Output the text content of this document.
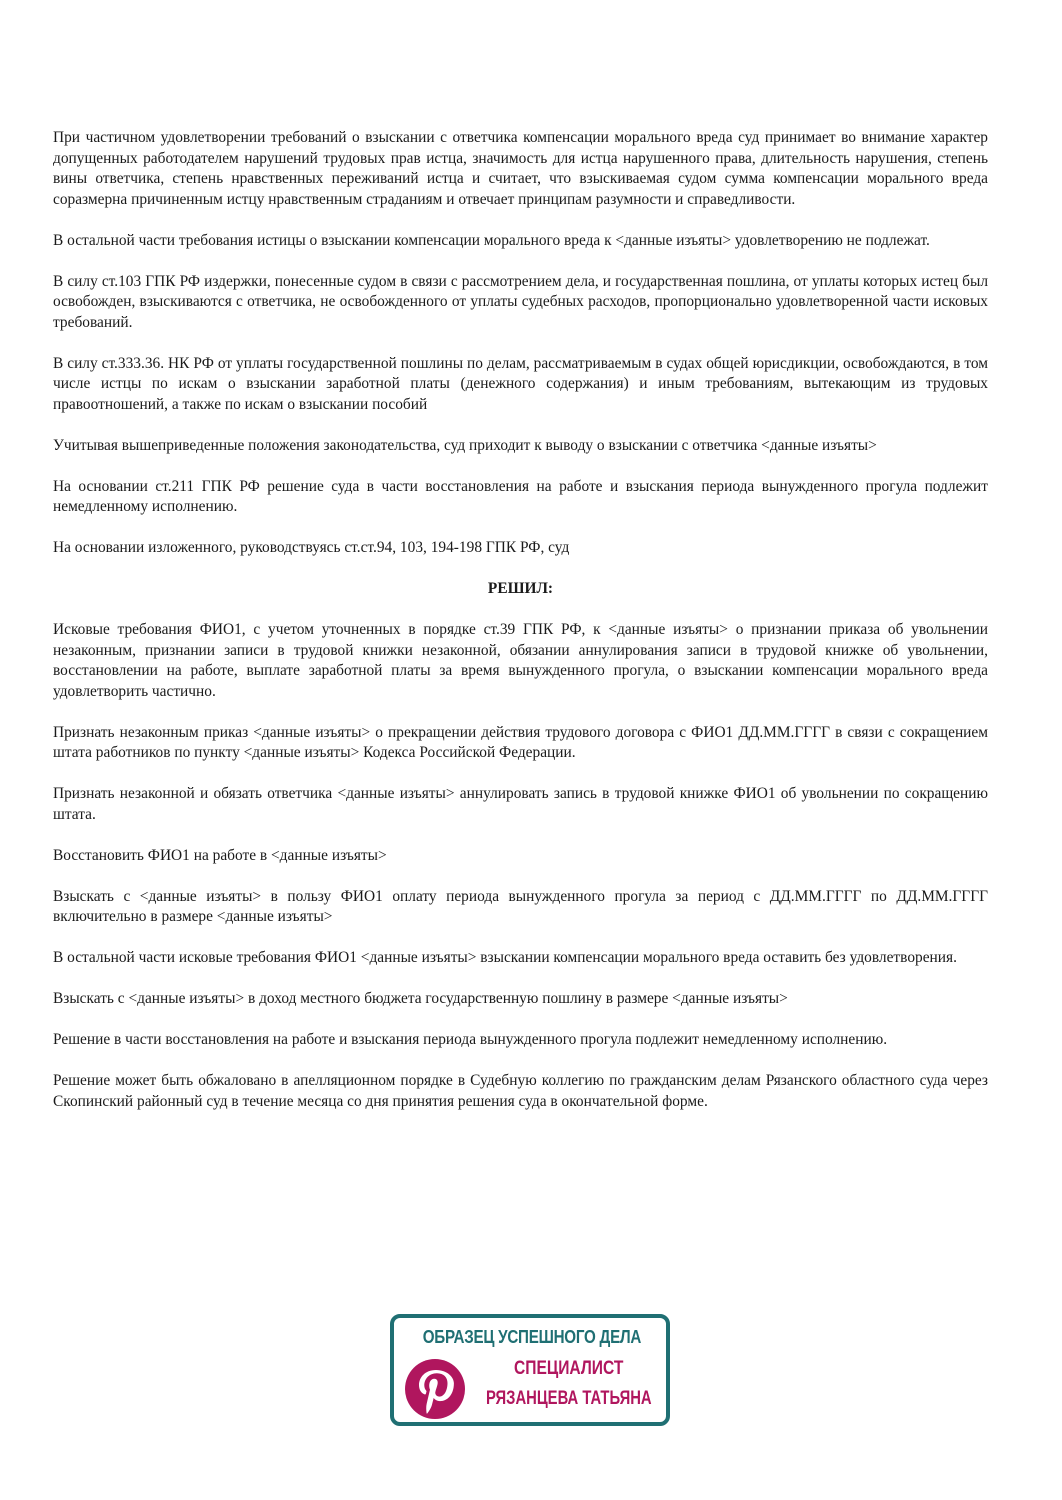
При частичном удовлетворении требований о взыскании с ответчика компенсации морального вреда суд принимает во внимание характер допущенных работодателем нарушений трудовых прав истца, значимость для истца нарушенного права, длительность нарушения, степень вины ответчика, степень нравственных переживаний истца и считает, что взыскиваемая судом сумма компенсации морального вреда соразмерна причиненным истцу нравственным страданиям и отвечает принципам разумности и справедливости.

В остальной части требования истицы о взыскании компенсации морального вреда к <данные изъяты> удовлетворению не подлежат.

В силу ст.103 ГПК РФ издержки, понесенные судом в связи с рассмотрением дела, и государственная пошлина, от уплаты которых истец был освобожден, взыскиваются с ответчика, не освобожденного от уплаты судебных расходов, пропорционально удовлетворенной части исковых требований.

В силу ст.333.36. НК РФ от уплаты государственной пошлины по делам, рассматриваемым в судах общей юрисдикции, освобождаются, в том числе истцы по искам о взыскании заработной платы (денежного содержания) и иным требованиям, вытекающим из трудовых правоотношений, а также по искам о взыскании пособий

Учитывая вышеприведенные положения законодательства, суд приходит к выводу о взыскании с ответчика <данные изъяты>

На основании ст.211 ГПК РФ решение суда в части восстановления на работе и взыскания периода вынужденного прогула подлежит немедленному исполнению.

На основании изложенного, руководствуясь ст.ст.94, 103, 194-198 ГПК РФ, суд

РЕШИЛ:

Исковые требования ФИО1, с учетом уточненных в порядке ст.39 ГПК РФ, к <данные изъяты> о признании приказа об увольнении незаконным, признании записи в трудовой книжки незаконной, обязании аннулирования записи в трудовой книжке об увольнении, восстановлении на работе, выплате заработной платы за время вынужденного прогула, о взыскании компенсации морального вреда удовлетворить частично.

Признать незаконным приказ <данные изъяты> о прекращении действия трудового договора с ФИО1 ДД.ММ.ГГГГ в связи с сокращением штата работников по пункту <данные изъяты> Кодекса Российской Федерации.

Признать незаконной и обязать ответчика <данные изъяты> аннулировать запись в трудовой книжке ФИО1 об увольнении по сокращению штата.

Восстановить ФИО1 на работе в <данные изъяты>

Взыскать с <данные изъяты> в пользу ФИО1 оплату периода вынужденного прогула за период с ДД.ММ.ГГГГ по ДД.ММ.ГГГГ включительно в размере <данные изъяты>

В остальной части исковые требования ФИО1 <данные изъяты> взыскании компенсации морального вреда оставить без удовлетворения.

Взыскать с <данные изъяты> в доход местного бюджета государственную пошлину в размере <данные изъяты>

Решение в части восстановления на работе и взыскания периода вынужденного прогула подлежит немедленному исполнению.

Решение может быть обжаловано в апелляционном порядке в Судебную коллегию по гражданским делам Рязанского областного суда через Скопинский районный суд в течение месяца со дня принятия решения суда в окончательной форме.

ОБРАЗЕЦ УСПЕШНОГО ДЕЛА
СПЕЦИАЛИСТ
РЯЗАНЦЕВА ТАТЬЯНА
